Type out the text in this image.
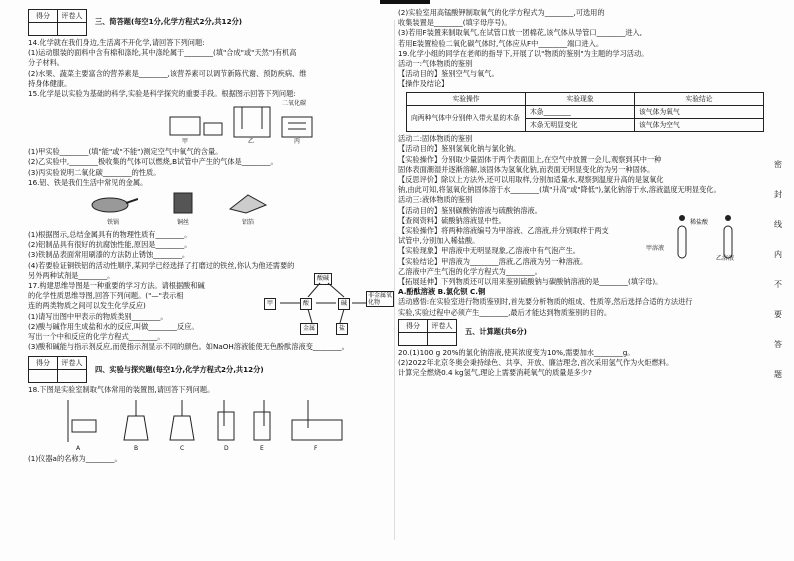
得分	评卷人

三、简答题(每空1分,化学方程式2分,共12分)

14.化学就在我们身边,生活离不开化学,请回答下列问题:

(1)运动服装的面料中含有棉和涤纶,其中涤纶属于________(填"合成"或"天然")有机高

分子材料。

(2)水果、蔬菜主要富含的营养素是________,该营养素可以调节新陈代谢、预防疾病、维

持身体健康。

15.化学是以实验为基础的科学,实验是科学探究的重要手段。根据图示回答下列问题:

甲	乙	丙
二氧化碳

(1)甲实验________(填"能"或"不能")测定空气中氧气的含量。

(2)乙实验中,________极收集的气体可以燃烧,B试管中产生的气体是________。

(3)丙实验说明二氧化碳________的性质。

16.铝、铁是我们生活中常见的金属。

铁锅	铜丝	铝箔

(1)根据图示,总结金属具有的物理性质有________。

(2)铝制品具有很好的抗腐蚀性能,原因是________。

(3)铁制品表面常用刷漆的方法防止锈蚀________。

(4)若要验证铜铁铝的活动性顺序,某同学已经选择了打磨过的铁丝,你认为他还需要的

另外两种试剂是________。

17.构建思维导图是一种重要的学习方法。请根据酸和碱

的化学性质思维导图,回答下列问题。("—"表示相

连的两类物质之间可以发生化学反应)

(1)请写出图中甲表示的物质类别________。

(2)酸与碱作用生成盐和水的反应,叫做________反应。

写出一个中和反应的化学方程式________。

酸碱
甲	酸	碱
非金属氧化物
金属	盐

(3)酸和碱能与指示剂反应,而使指示剂显示不同的颜色。如NaOH溶液能使无色酚酞溶液变________。

得分	评卷人

四、实验与探究题(每空1分,化学方程式2分,共12分)

18.下图是实验室制取气体常用的装置图,请回答下列问题。

A	B	C	D	E	F

(1)仪器a的名称为________。

(2)实验室用高锰酸钾制取氧气的化学方程式为________,可选用的

收集装置是________(填字母序号)。

(3)若用F装置来制取氧气,在试管口放一团棉花,该气体从导管口________进入,

若用E装置检验二氧化碳气体时,气体应从F中________端口进入。

19.化学小组的同学在老师的指导下,开展了以"物质的鉴别"为主题的学习活动。

活动一:气体物质的鉴别

【活动目的】鉴别空气与氧气。

【操作及结论】

实验操作	实验现象	实验结论
向两种气体中分别伸入带火星的木条	木条________	该气体为氧气
	木条无明显变化	该气体为空气

活动二:固体物质的鉴别

【活动目的】鉴别氢氧化钠与氯化钠。

【实验操作】分别取少量固体于两个表面皿上,在空气中放置一会儿,观察到其中一种

固体表面潮湿并逐渐溶解,该固体为氢氧化钠,而表面无明显变化的为另一种固体。

【反思评价】除以上方法外,还可以用取样,分别加适量水,观察到温度升高的是氢氧化

钠,由此可知,将氢氧化钠固体溶于水________(填"升高"或"降低"),氯化钠溶于水,溶液温度无明显变化。

活动三:液体物质的鉴别

【活动目的】鉴别碳酸钠溶液与硫酸钠溶液。

【查阅资料】硫酸钠溶液显中性。

【实验操作】将两种溶液编号为甲溶液、乙溶液,并分别取样于两支

试管中,分别加入稀盐酸。

【实验现象】甲溶液中无明显现象,乙溶液中有气泡产生。

【实验结论】甲溶液为________溶液,乙溶液为另一种溶液。

乙溶液中产生气泡的化学方程式为________。

【拓展延伸】下列物质还可以用来鉴别硫酸钠与碳酸钠溶液的是________(填字母)。

A.酚酞溶液 B.氯化钡 C.铜

活动感悟:在实验室进行物质鉴别时,首先要分析物质的组成、性质等,然后选择合适的方法进行

实验,实验过程中必须产生________,最后才能达到物质鉴别的目的。

稀盐酸
甲溶液
乙溶液
得分	评卷人

五、计算题(共6分)

20.(1)100 g 20%的氯化钠溶液,使其浓度变为10%,需要加水________g。

(2)2022年北京冬奥会秉持绿色、共享、开放、廉洁理念,首次采用氢气作为火炬燃料。

计算完全燃烧0.4 kg氢气,理论上需要消耗氧气的质量是多少?

密
封
线
内
不
要
答
题
